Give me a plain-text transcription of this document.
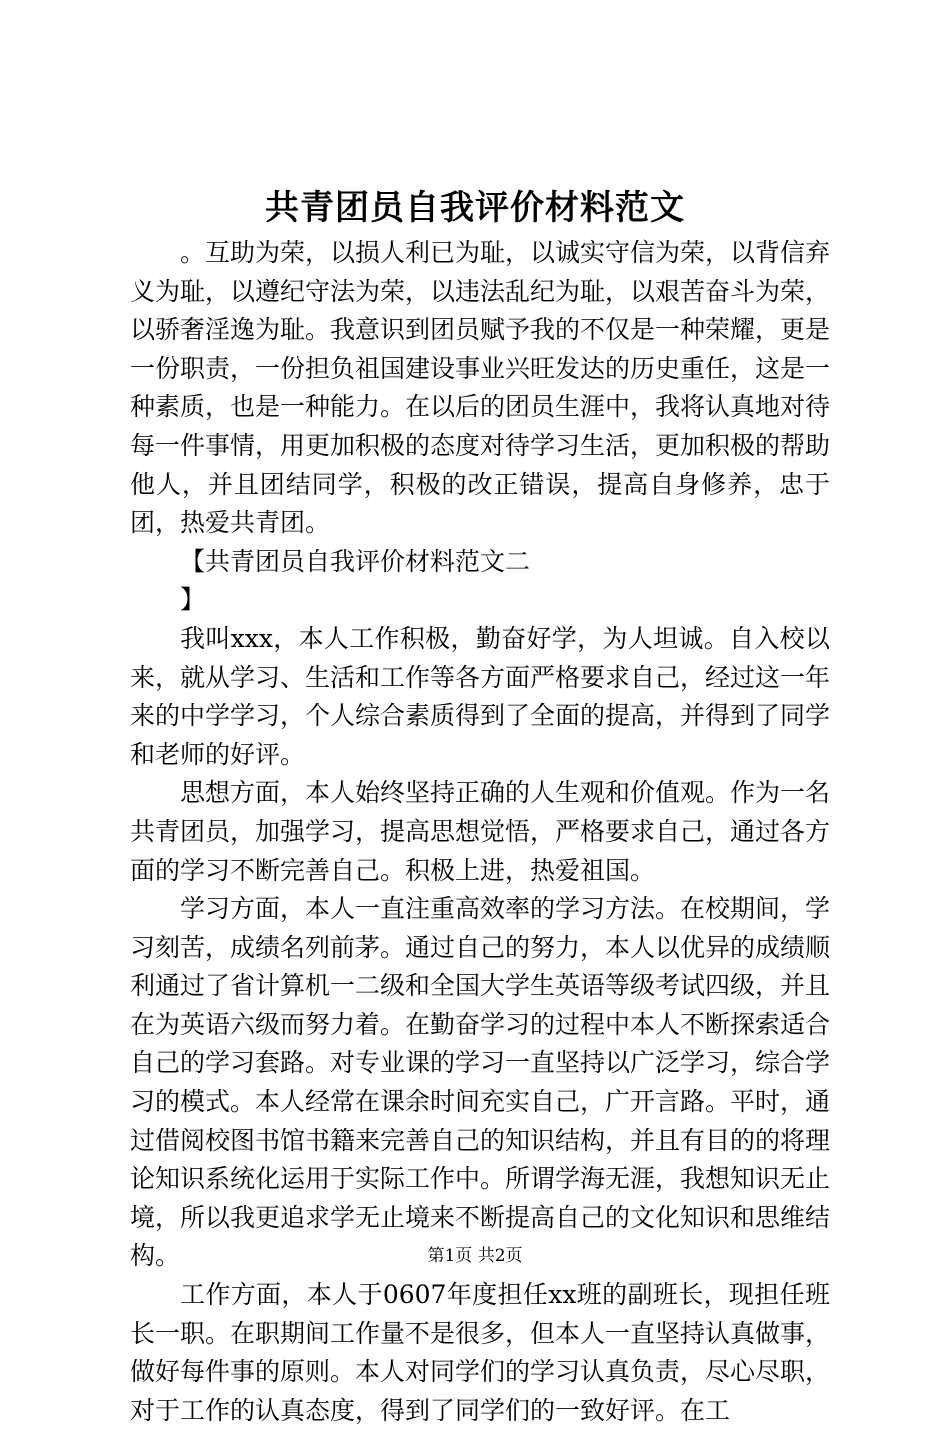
共青团员自我评价材料范文

。互助为荣，以损人利已为耻，以诚实守信为荣，以背信弃义为耻，以遵纪守法为荣，以违法乱纪为耻，以艰苦奋斗为荣，以骄奢淫逸为耻。我意识到团员赋予我的不仅是一种荣耀，更是一份职责，一份担负祖国建设事业兴旺发达的历史重任，这是一种素质，也是一种能力。在以后的团员生涯中，我将认真地对待每一件事情，用更加积极的态度对待学习生活，更加积极的帮助他人，并且团结同学，积极的改正错误，提高自身修养，忠于团，热爱共青团。

【共青团员自我评价材料范文二

】

我叫xxx，本人工作积极，勤奋好学，为人坦诚。自入校以来，就从学习、生活和工作等各方面严格要求自己，经过这一年来的中学学习，个人综合素质得到了全面的提高，并得到了同学和老师的好评。

思想方面，本人始终坚持正确的人生观和价值观。作为一名共青团员，加强学习，提高思想觉悟，严格要求自己，通过各方面的学习不断完善自己。积极上进，热爱祖国。

学习方面，本人一直注重高效率的学习方法。在校期间，学习刻苦，成绩名列前茅。通过自己的努力，本人以优异的成绩顺利通过了省计算机一二级和全国大学生英语等级考试四级，并且在为英语六级而努力着。在勤奋学习的过程中本人不断探索适合自己的学习套路。对专业课的学习一直坚持以广泛学习，综合学习的模式。本人经常在课余时间充实自己，广开言路。平时，通过借阅校图书馆书籍来完善自己的知识结构，并且有目的的将理论知识系统化运用于实际工作中。所谓学海无涯，我想知识无止境，所以我更追求学无止境来不断提高自己的文化知识和思维结构。

工作方面，本人于0607年度担任xx班的副班长，现担任班长一职。在职期间工作量不是很多，但本人一直坚持认真做事，做好每件事的原则。本人对同学们的学习认真负责，尽心尽职，对于工作的认真态度，得到了同学们的一致好评。在工

第1页 共2页
